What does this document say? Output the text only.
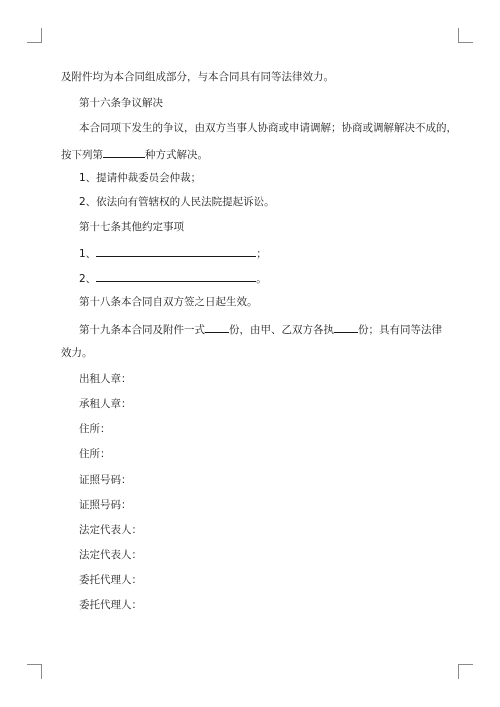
及附件均为本合同组成部分，与本合同具有同等法律效力。
第十六条争议解决
本合同项下发生的争议，由双方当事人协商或申请调解；协商或调解解决不成的，
按下列第	种方式解决。
1、提请仲裁委员会仲裁；
2、依法向有管辖权的人民法院提起诉讼。
第十七条其他约定事项
1、	；
2、	。
第十八条本合同自双方签之日起生效。
第十九条本合同及附件一式 份，由甲、乙双方各执 份；具有同等法律
效力。
出租人章：
承租人章：
住所：
住所：
证照号码：
证照号码：
法定代表人：
法定代表人：
委托代理人：
委托代理人：
